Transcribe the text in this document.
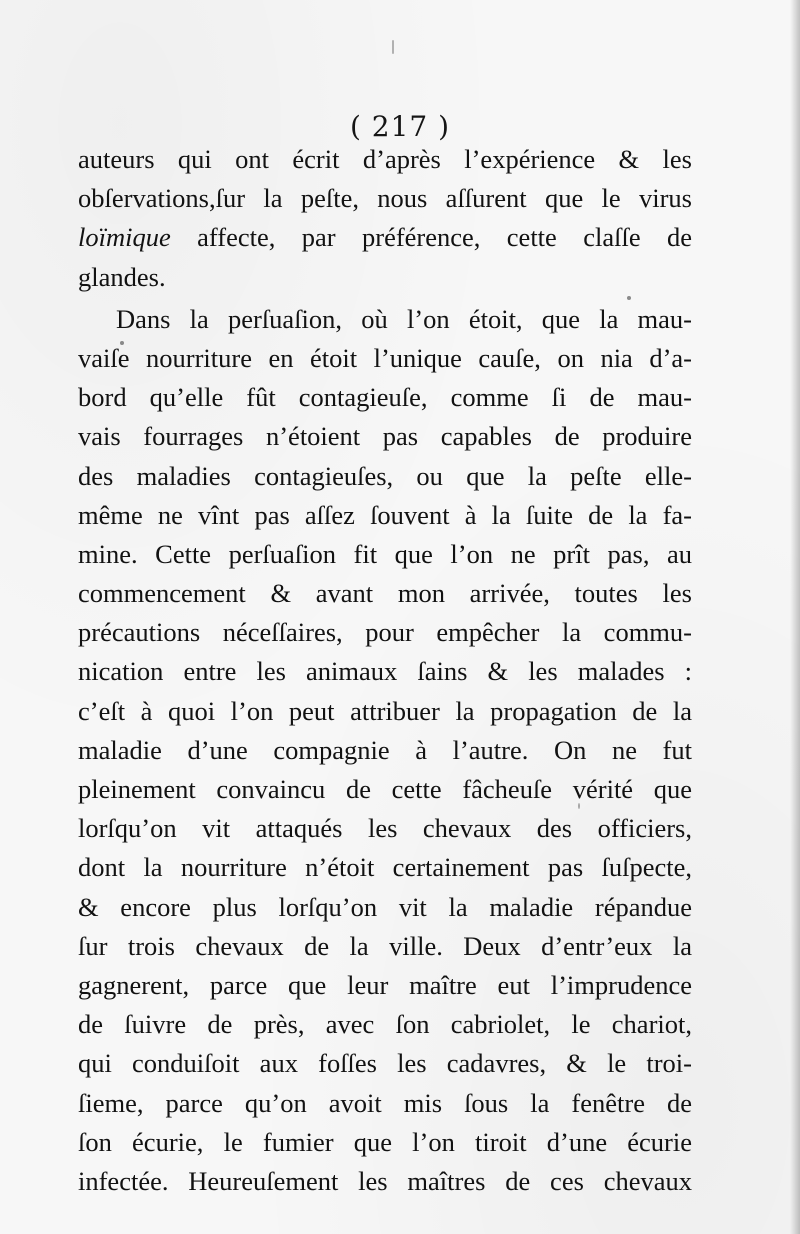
( 217 )
auteurs qui ont écrit d’après l’expérience & les
obſervations,ſur la peſte, nous aſſurent que le virus
loïmique affecte, par préférence, cette claſſe de
glandes.
Dans la perſuaſion, où l’on étoit, que la mau-
vaiſe nourriture en étoit l’unique cauſe, on nia d’a-
bord qu’elle fût contagieuſe, comme ſi de mau-
vais fourrages n’étoient pas capables de produire
des maladies contagieuſes, ou que la peſte elle-
même ne vînt pas aſſez ſouvent à la ſuite de la fa-
mine. Cette perſuaſion fit que l’on ne prît pas, au
commencement & avant mon arrivée, toutes les
précautions néceſſaires, pour empêcher la commu-
nication entre les animaux ſains & les malades :
c’eſt à quoi l’on peut attribuer la propagation de la
maladie d’une compagnie à l’autre. On ne fut
pleinement convaincu de cette fâcheuſe vérité que
lorſqu’on vit attaqués les chevaux des officiers,
dont la nourriture n’étoit certainement pas ſuſpecte,
& encore plus lorſqu’on vit la maladie répandue
ſur trois chevaux de la ville. Deux d’entr’eux la
gagnerent, parce que leur maître eut l’imprudence
de ſuivre de près, avec ſon cabriolet, le chariot,
qui conduiſoit aux foſſes les cadavres, & le troi-
ſieme, parce qu’on avoit mis ſous la fenêtre de
ſon écurie, le fumier que l’on tiroit d’une écurie
infectée. Heureuſement les maîtres de ces chevaux
